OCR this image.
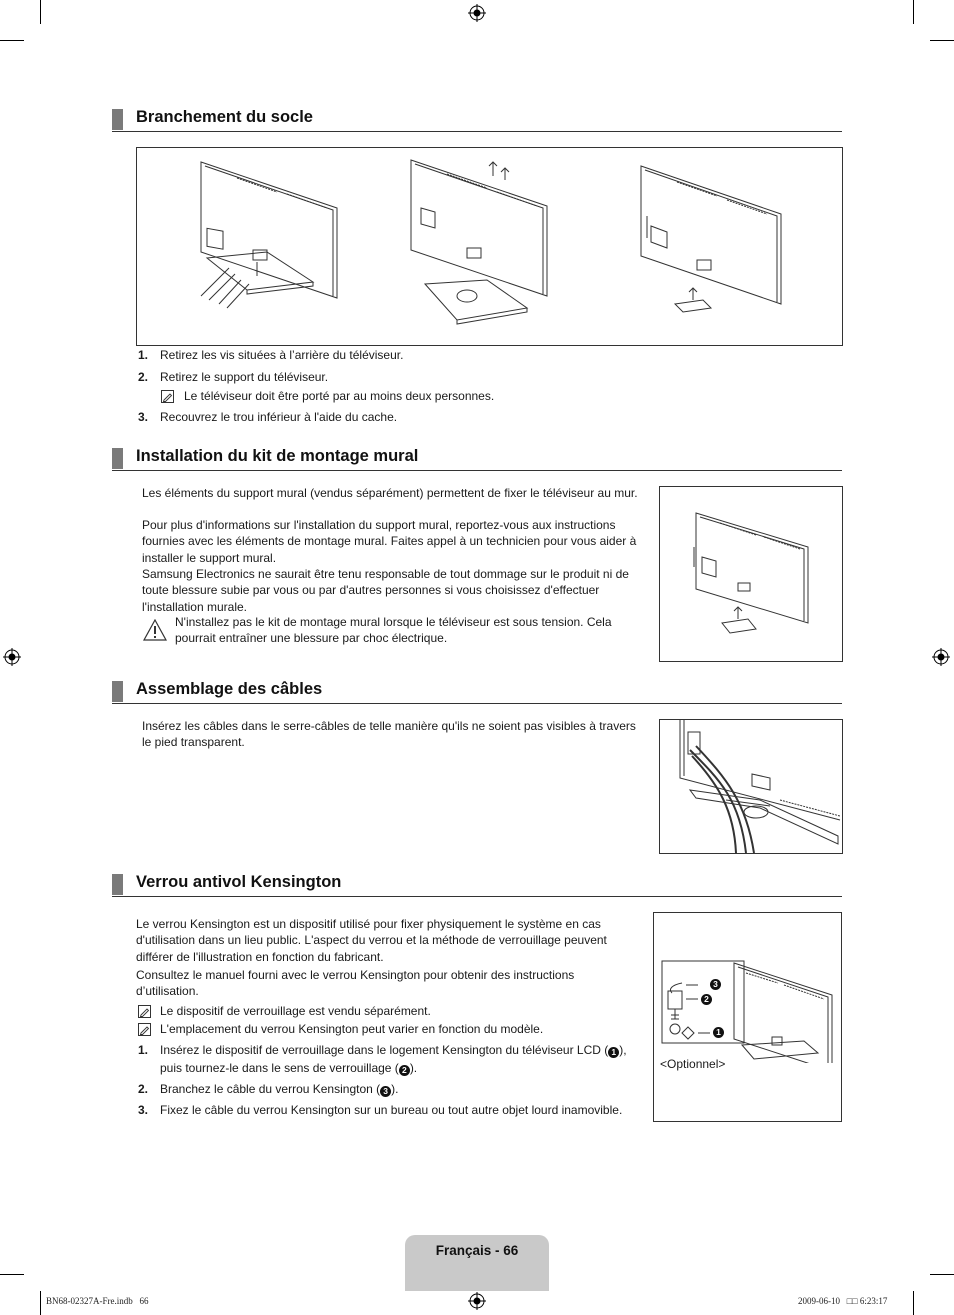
Branchement du socle
1. Retirez les vis situées à l’arrière du téléviseur.
2. Retirez le support du téléviseur.
Le téléviseur doit être porté par au moins deux personnes.
3. Recouvrez le trou inférieur à l'aide du cache.
Installation du kit de montage mural
Les éléments du support mural (vendus séparément) permettent de fixer le téléviseur au mur.
Pour plus d'informations sur l'installation du support mural, reportez-vous aux instructions fournies avec les éléments de montage mural. Faites appel à un technicien pour vous aider à installer le support mural.
Samsung Electronics ne saurait être tenu responsable de tout dommage sur le produit ni de toute blessure subie par vous ou par d'autres personnes si vous choisissez d'effectuer l'installation murale.
N'installez pas le kit de montage mural lorsque le téléviseur est sous tension. Cela pourrait entraîner une blessure par choc électrique.
Assemblage des câbles
Insérez les câbles dans le serre-câbles de telle manière qu'ils ne soient pas visibles à travers le pied transparent.
Verrou antivol Kensington
Le verrou Kensington est un dispositif utilisé pour fixer physiquement le système en cas d'utilisation dans un lieu public. L'aspect du verrou et la méthode de verrouillage peuvent différer de l'illustration en fonction du fabricant.
Consultez le manuel fourni avec le verrou Kensington pour obtenir des instructions d’utilisation.
Le dispositif de verrouillage est vendu séparément.
L'emplacement du verrou Kensington peut varier en fonction du modèle.
1. Insérez le dispositif de verrouillage dans le logement Kensington du téléviseur LCD ( 1 ),
puis tournez-le dans le sens de verrouillage ( 2 ).
2. Branchez le câble du verrou Kensington ( 3 ).
3. Fixez le câble du verrou Kensington sur un bureau ou tout autre objet lourd inamovible.
3
2
1
<Optionnel>
Français - 66
BN68-02327A-Fre.indb   66	2009-06-10   □□ 6:23:17
